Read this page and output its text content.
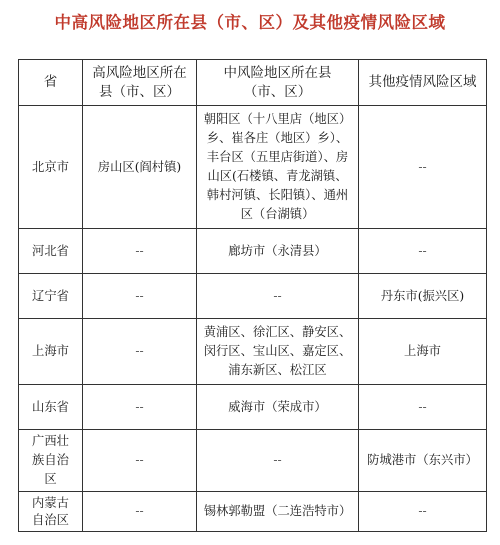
中高风险地区所在县（市、区）及其他疫情风险区域
省	高风险地区所在县（市、区）	中风险地区所在县（市、区）	其他疫情风险区域
北京市	房山区(阎村镇)	朝阳区（十八里店（地区）乡、崔各庄（地区）乡）、丰台区（五里店街道）、房山区(石楼镇、青龙湖镇、韩村河镇、长阳镇）、通州区（台湖镇）	--
河北省	--	廊坊市（永清县）	--
辽宁省	--	--	丹东市(振兴区)
上海市	--	黄浦区、徐汇区、静安区、闵行区、宝山区、嘉定区、浦东新区、松江区	上海市
山东省	--	威海市（荣成市）	--
广西壮族自治区	--	--	防城港市（东兴市）
内蒙古自治区	--	锡林郭勒盟（二连浩特市）	--
